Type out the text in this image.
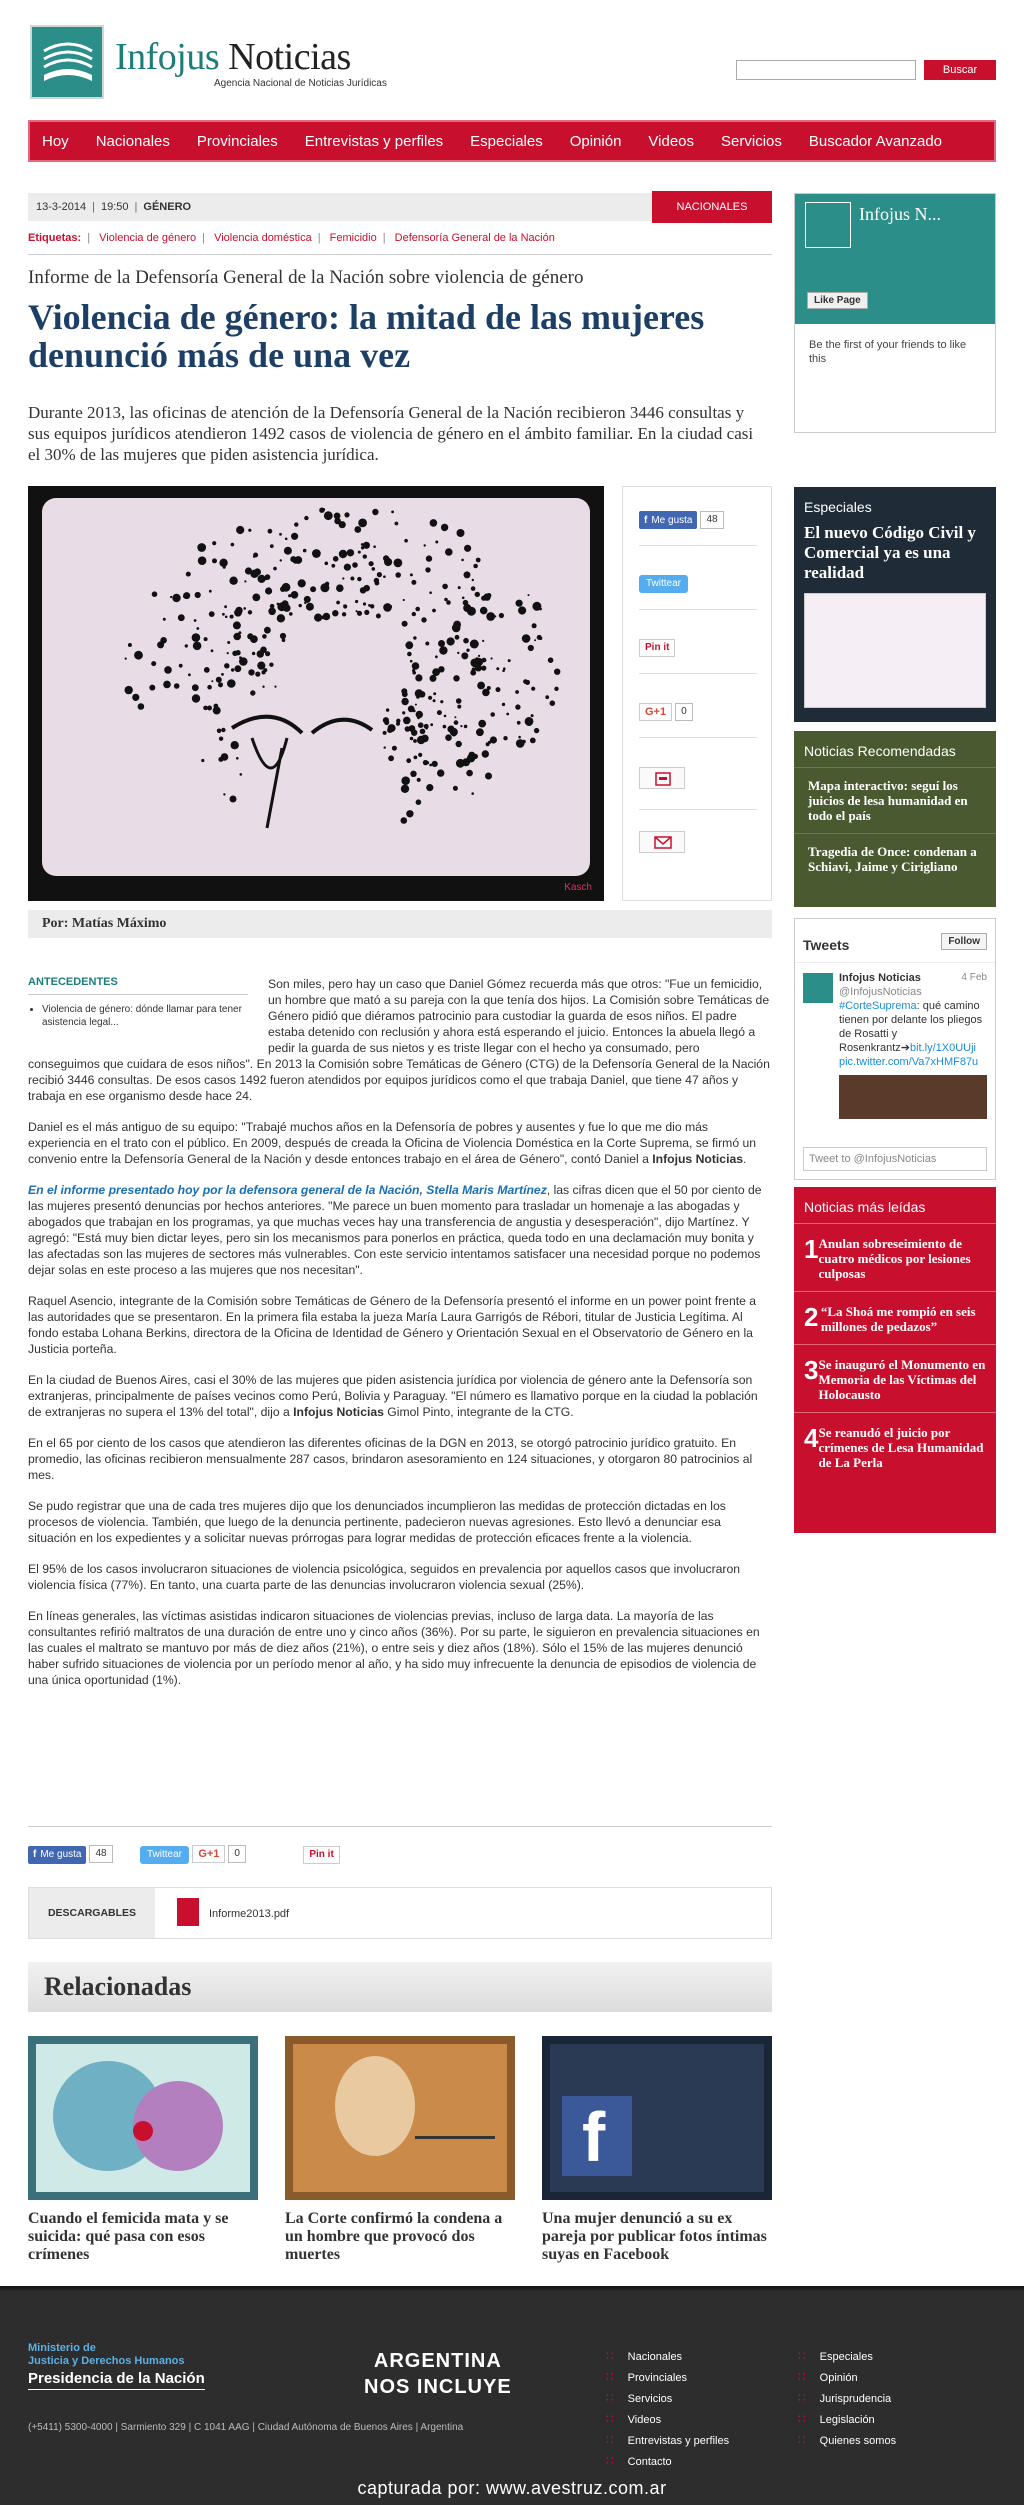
Infojus Noticias
Agencia Nacional de Noticias Jurídicas
Buscar
Hoy Nacionales Provinciales Entrevistas y perfiles Especiales Opinión Videos Servicios Buscador Avanzado
13-3-2014 | 19:50 | GÉNERO	NACIONALES
Etiquetas: | Violencia de género | Violencia doméstica | Femicidio | Defensoría General de la Nación
Informe de la Defensoría General de la Nación sobre violencia de género
Violencia de género: la mitad de las mujeres denunció más de una vez

Durante 2013, las oficinas de atención de la Defensoría General de la Nación recibieron 3446 consultas y sus equipos jurídicos atendieron 1492 casos de violencia de género en el ámbito familiar. En la ciudad casi el 30% de las mujeres que piden asistencia jurídica.

Kasch
f Me gusta 48
Twittear
Pin it
G+1 0
Por: Matías Máximo

Son miles, pero hay un caso que Daniel Gómez recuerda más que otros: "Fue un femicidio, un hombre que mató a su pareja con la que tenía dos hijos. La Comisión sobre Temáticas de Género pidió que diéramos patrocinio para custodiar la guarda de esos niños. El padre estaba detenido con reclusión y ahora está esperando el juicio. Entonces la abuela llegó a pedir la guarda de sus nietos y es triste llegar con el hecho ya consumado, pero conseguimos que cuidara de esos niños". En 2013 la Comisión sobre Temáticas de Género (CTG) de la Defensoría General de la Nación recibió 3446 consultas. De esos casos 1492 fueron atendidos por equipos jurídicos como el que trabaja Daniel, que tiene 47 años y trabaja en ese organismo desde hace 24.

Daniel es el más antiguo de su equipo: "Trabajé muchos años en la Defensoría de pobres y ausentes y fue lo que me dio más experiencia en el trato con el público. En 2009, después de creada la Oficina de Violencia Doméstica en la Corte Suprema, se firmó un convenio entre la Defensoría General de la Nación y desde entonces trabajo en el área de Género", contó Daniel a Infojus Noticias.

En el informe presentado hoy por la defensora general de la Nación, Stella Maris Martínez, las cifras dicen que el 50 por ciento de las mujeres presentó denuncias por hechos anteriores. "Me parece un buen momento para trasladar un homenaje a las abogadas y abogados que trabajan en los programas, ya que muchas veces hay una transferencia de angustia y desesperación", dijo Martínez. Y agregó: "Está muy bien dictar leyes, pero sin los mecanismos para ponerlos en práctica, queda todo en una declamación muy bonita y las afectadas son las mujeres de sectores más vulnerables. Con este servicio intentamos satisfacer una necesidad porque no podemos dejar solas en este proceso a las mujeres que nos necesitan".

Raquel Asencio, integrante de la Comisión sobre Temáticas de Género de la Defensoría presentó el informe en un power point frente a las autoridades que se presentaron. En la primera fila estaba la jueza María Laura Garrigós de Rébori, titular de Justicia Legítima. Al fondo estaba Lohana Berkins, directora de la Oficina de Identidad de Género y Orientación Sexual en el Observatorio de Género en la Justicia porteña.

En la ciudad de Buenos Aires, casi el 30% de las mujeres que piden asistencia jurídica por violencia de género ante la Defensoría son extranjeras, principalmente de países vecinos como Perú, Bolivia y Paraguay. "El número es llamativo porque en la ciudad la población de extranjeras no supera el 13% del total", dijo a Infojus Noticias Gimol Pinto, integrante de la CTG.

En el 65 por ciento de los casos que atendieron las diferentes oficinas de la DGN en 2013, se otorgó patrocinio jurídico gratuito. En promedio, las oficinas recibieron mensualmente 287 casos, brindaron asesoramiento en 124 situaciones, y otorgaron 80 patrocinios al mes.

Se pudo registrar que una de cada tres mujeres dijo que los denunciados incumplieron las medidas de protección dictadas en los procesos de violencia. También, que luego de la denuncia pertinente, padecieron nuevas agresiones. Esto llevó a denunciar esa situación en los expedientes y a solicitar nuevas prórrogas para lograr medidas de protección eficaces frente a la violencia.

El 95% de los casos involucraron situaciones de violencia psicológica, seguidos en prevalencia por aquellos casos que involucraron violencia física (77%). En tanto, una cuarta parte de las denuncias involucraron violencia sexual (25%).

En líneas generales, las víctimas asistidas indicaron situaciones de violencias previas, incluso de larga data. La mayoría de las consultantes refirió maltratos de una duración de entre uno y cinco años (36%). Por su parte, le siguieron en prevalencia situaciones en las cuales el maltrato se mantuvo por más de diez años (21%), o entre seis y diez años (18%). Sólo el 15% de las mujeres denunció haber sufrido situaciones de violencia por un período menor al año, y ha sido muy infrecuente la denuncia de episodios de violencia de una única oportunidad (1%).

ANTECEDENTES
• Violencia de género: dónde llamar para tener asistencia legal...
f Me gusta 48	Twittear G+1 0	Pin it
DESCARGABLES	Informe2013.pdf
Relacionadas
Cuando el femicida mata y se suicida: qué pasa con esos crímenes
La Corte confirmó la condena a un hombre que provocó dos muertes
f
Una mujer denunció a su ex pareja por publicar fotos íntimas suyas en Facebook
Infojus N...
Like Page
Be the first of your friends to like this
Especiales
El nuevo Código Civil y Comercial ya es una realidad
Noticias Recomendadas
Mapa interactivo: seguí los juicios de lesa humanidad en todo el país
Tragedia de Once: condenan a Schiavi, Jaime y Cirigliano
Tweets	Follow
Infojus Noticias	4 Feb
@InfojusNoticias
#CorteSuprema: qué camino tienen por delante los pliegos de Rosatti y Rosenkrantz➔bit.ly/1X0UUji
pic.twitter.com/Va7xHMF87u
Tweet to @InfojusNoticias
Noticias más leídas
1 Anulan sobreseimiento de cuatro médicos por lesiones culposas
2 “La Shoá me rompió en seis millones de pedazos”
3 Se inauguró el Monumento en Memoria de las Víctimas del Holocausto
4 Se reanudó el juicio por crímenes de Lesa Humanidad de La Perla
Ministerio de
Justicia y Derechos Humanos
Presidencia de la Nación
(+5411) 5300-4000 | Sarmiento 329 | C 1041 AAG | Ciudad Autónoma de Buenos Aires | Argentina
ARGENTINA
NOS INCLUYE
∷ Nacionales
∷ Provinciales
∷ Servicios
∷ Videos
∷ Entrevistas y perfiles
∷ Contacto
∷ Especiales
∷ Opinión
∷ Jurisprudencia
∷ Legislación
∷ Quienes somos
capturada por: www.avestruz.com.ar
